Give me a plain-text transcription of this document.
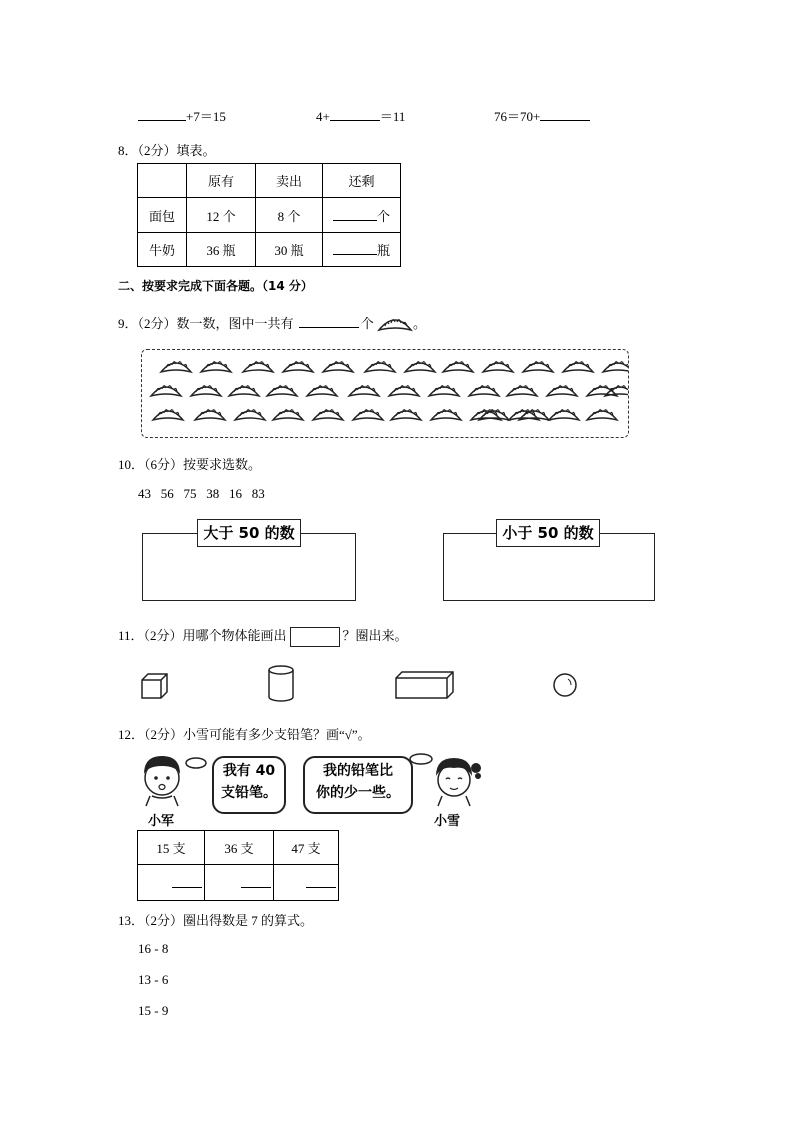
+7＝15	4+	＝11	76＝70+
8．（2分）填表。
	原有	卖出	还剩
面包	12 个	8 个	个
牛奶	36 瓶	30 瓶	瓶
二、按要求完成下面各题。（14 分）
9．（2分）数一数，图中一共有	个	。
10．（6分）按要求选数。
43   56   75   38   16   83
大于 50 的数	小于 50 的数
11．（2分）用哪个物体能画出	？圈出来。
12．（2分）小雪可能有多少支铅笔？画“√”。
我有 40
支铅笔。
我的铅笔比
你的少一些。
小军	小雪
15 支	36 支	47 支

13．（2分）圈出得数是 7 的算式。
16 - 8
13 - 6
15 - 9
